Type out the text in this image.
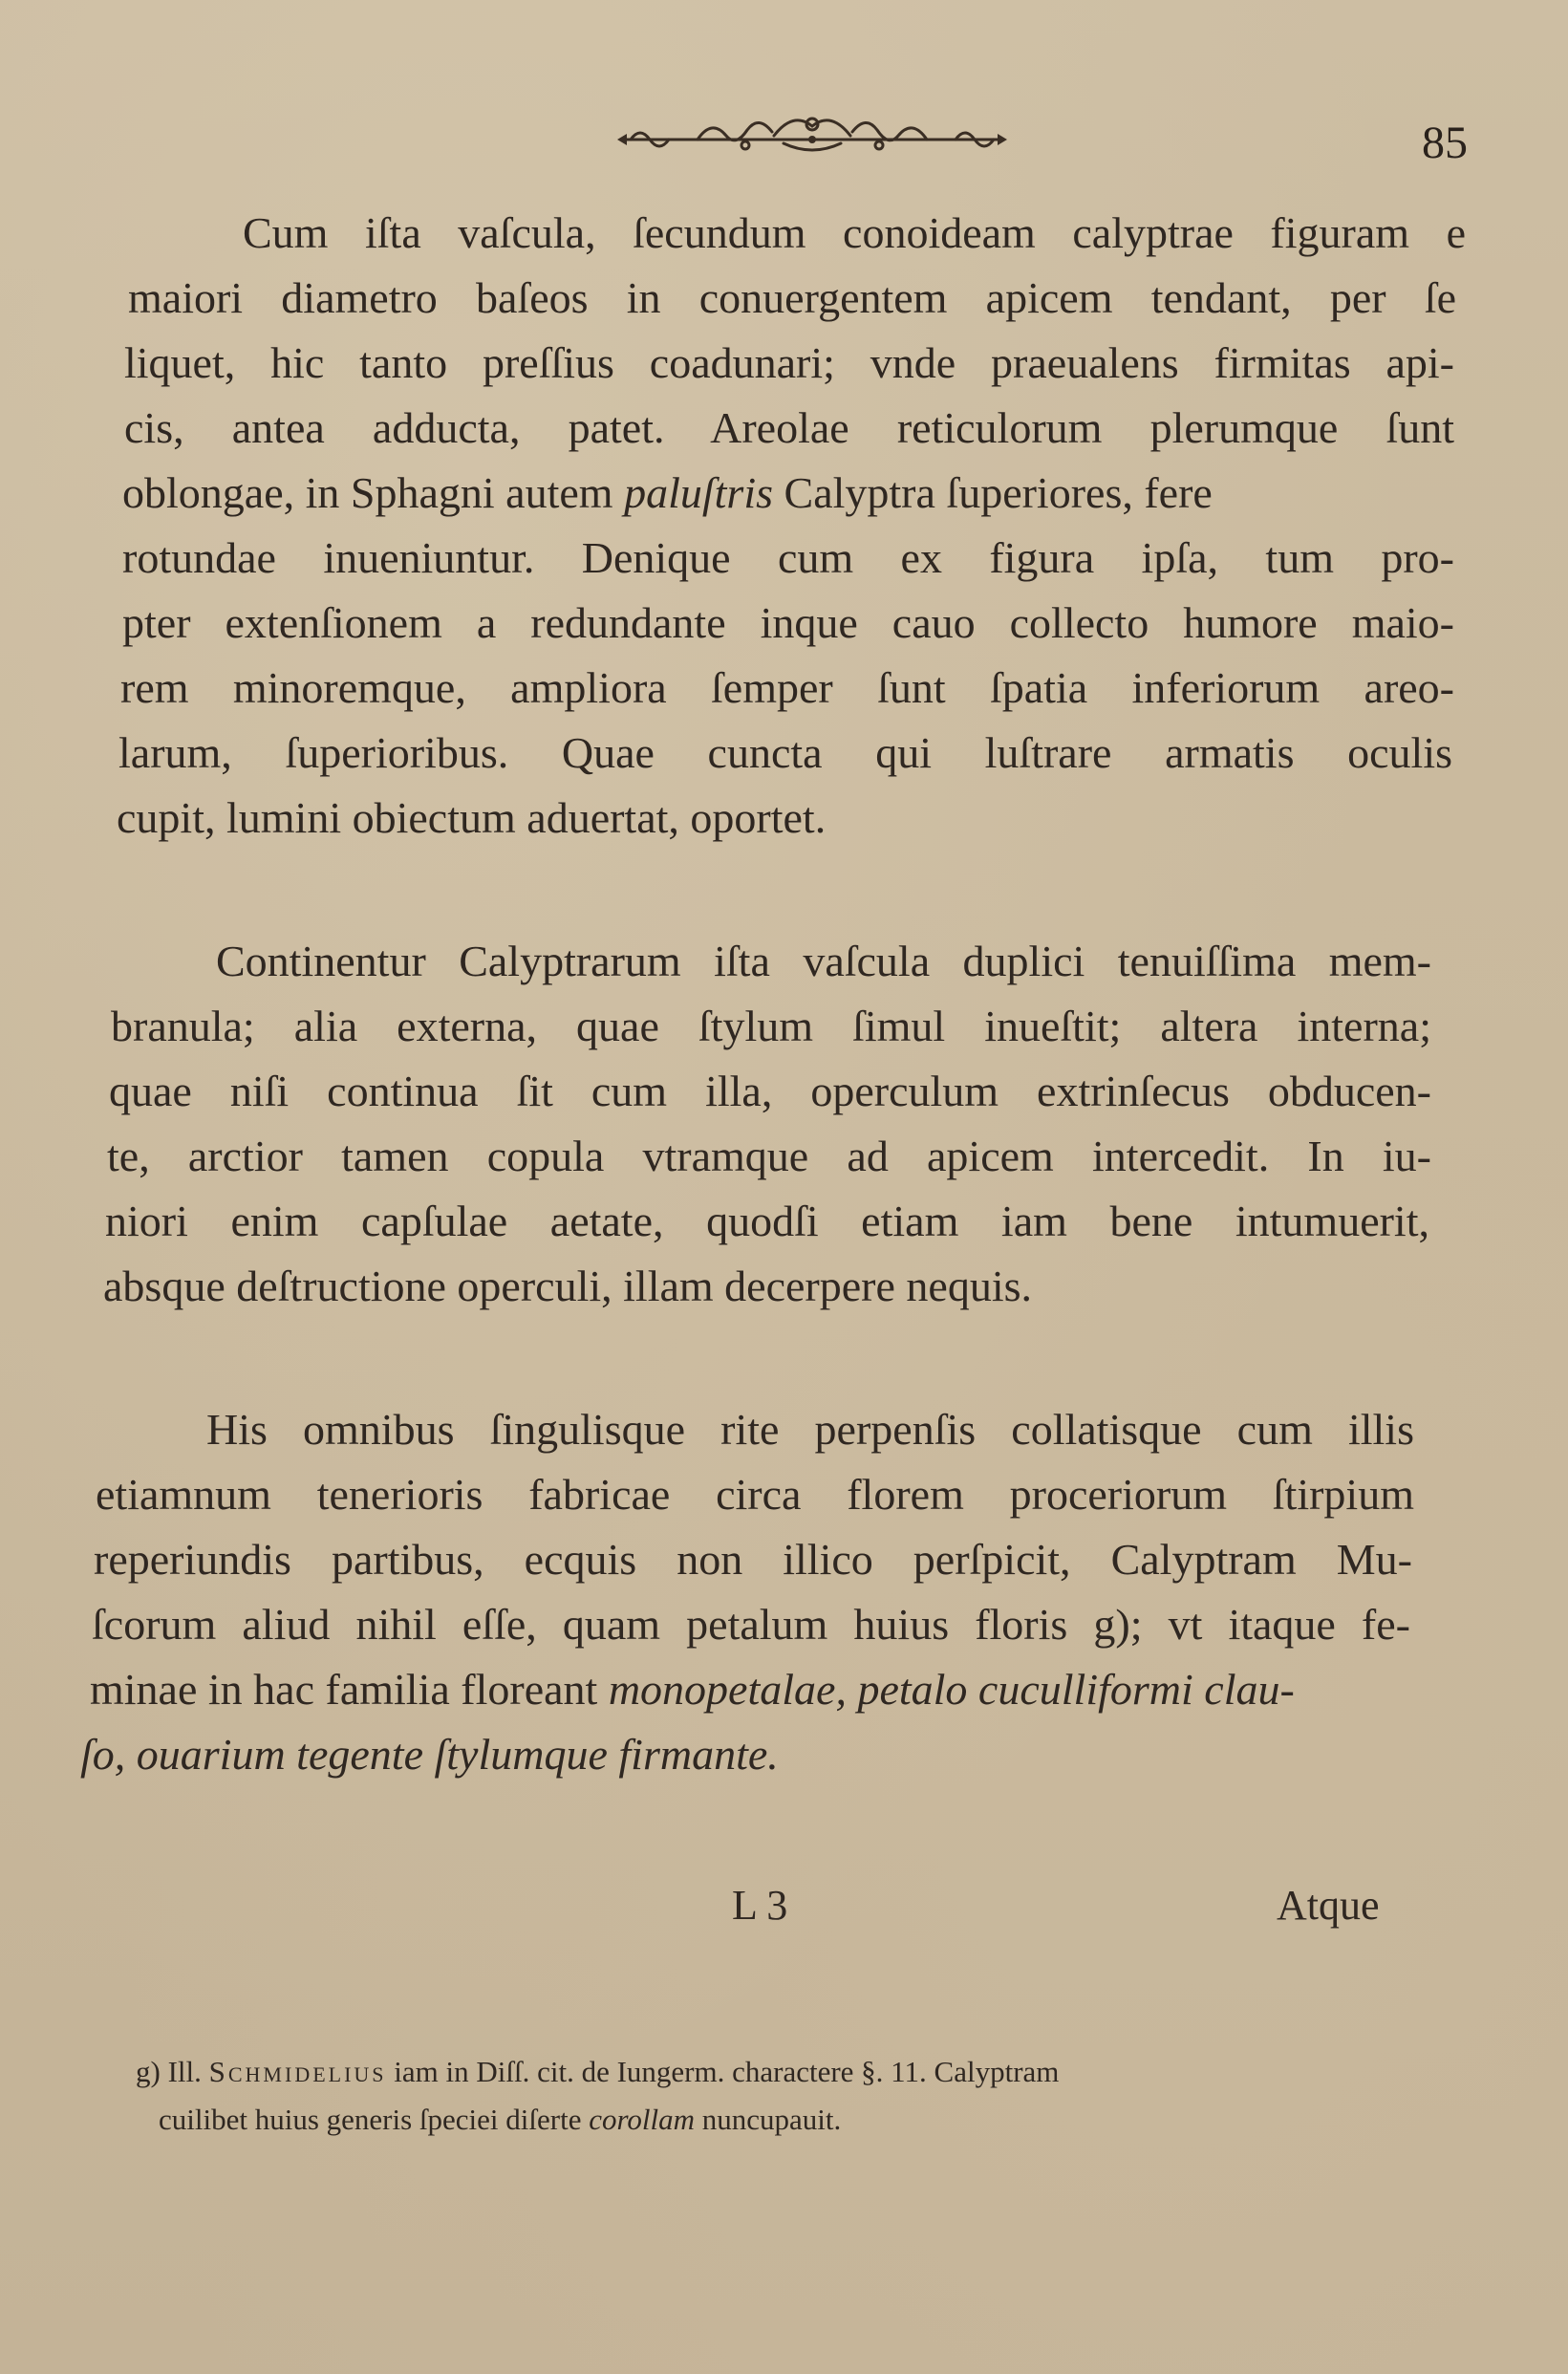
85
Cum iſta vaſcula, ſecundum conoideam calyptrae figuram e
maiori diametro baſeos in conuergentem apicem tendant, per ſe
liquet, hic tanto preſſius coadunari; vnde praeualens firmitas api-
cis, antea adducta, patet. Areolae reticulorum plerumque ſunt
oblongae, in Sphagni autem paluſtris Calyptra ſuperiores, fere
rotundae inueniuntur. Denique cum ex figura ipſa, tum pro-
pter extenſionem a redundante inque cauo collecto humore maio-
rem minoremque, ampliora ſemper ſunt ſpatia inferiorum areo-
larum, ſuperioribus. Quae cuncta qui luſtrare armatis oculis
cupit, lumini obiectum aduertat, oportet.
Continentur Calyptrarum iſta vaſcula duplici tenuiſſima mem-
branula; alia externa, quae ſtylum ſimul inueſtit; altera interna;
quae niſi continua ſit cum illa, operculum extrinſecus obducen-
te, arctior tamen copula vtramque ad apicem intercedit. In iu-
niori enim capſulae aetate, quodſi etiam iam bene intumuerit,
absque deſtructione operculi, illam decerpere nequis.
His omnibus ſingulisque rite perpenſis collatisque cum illis
etiamnum tenerioris fabricae circa florem proceriorum ſtirpium
reperiundis partibus, ecquis non illico perſpicit, Calyptram Mu-
ſcorum aliud nihil eſſe, quam petalum huius floris g); vt itaque fe-
minae in hac familia floreant monopetalae, petalo cuculliformi clau-
ſo, ouarium tegente ſtylumque firmante.
L 3	Atque
g) Ill. Schmidelius iam in Diſſ. cit. de Iungerm. charactere §. 11. Calyptram
cuilibet huius generis ſpeciei diſerte corollam nuncupauit.
